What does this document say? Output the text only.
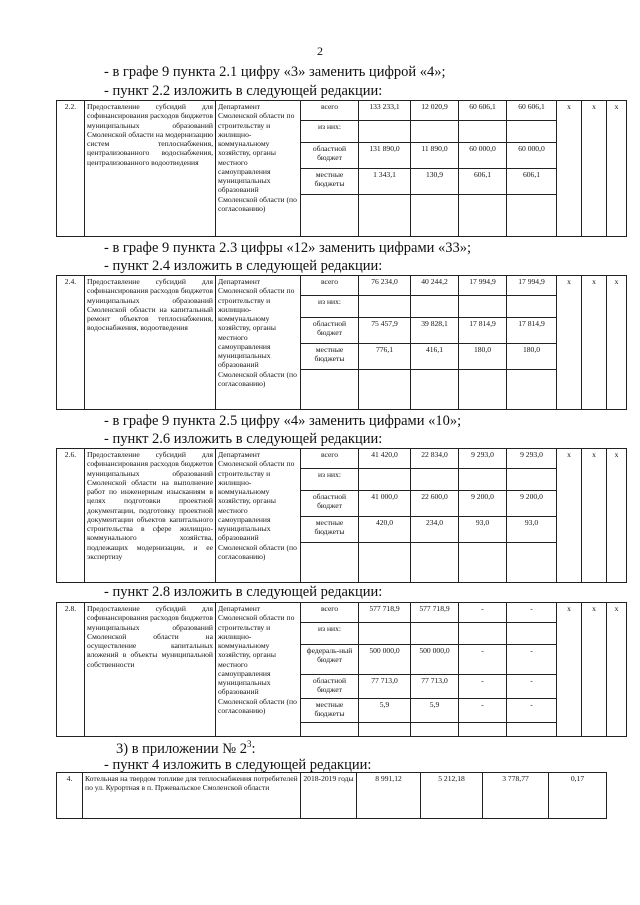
2
- в графе 9 пункта 2.1 цифру «3» заменить цифрой «4»;
- пункт 2.2 изложить в следующей редакции:
2.2.	Предоставление субсидий для софинансирования расходов бюджетов муниципальных образований Смоленской области на модернизацию систем теплоснабжения, централизованного водоснабжения, централизованного водоотведения	Департамент Смоленской области по строительству и жилищно-коммунальному хозяйству, органы местного самоуправления муниципальных образований Смоленской области (по согласованию)	всего	133 233,1	12 020,9	60 606,1	60 606,1	x	x	x
			из них:							
			областной бюджет	131 890,0	11 890,0	60 000,0	60 000,0			
			местные бюджеты	1 343,1	130,9	606,1	606,1			

- в графе 9 пункта 2.3 цифры «12» заменить цифрами «33»;
- пункт 2.4 изложить в следующей редакции:
2.4.	Предоставление субсидий для софинансирования расходов бюджетов муниципальных образований Смоленской области на капитальный ремонт объектов теплоснабжения, водоснабжения, водоотведения	Департамент Смоленской области по строительству и жилищно-коммунальному хозяйству, органы местного самоуправления муниципальных образований Смоленской области (по согласованию)	всего	76 234,0	40 244,2	17 994,9	17 994,9	x	x	x
			из них:							
			областной бюджет	75 457,9	39 828,1	17 814,9	17 814,9			
			местные бюджеты	776,1	416,1	180,0	180,0			

- в графе 9 пункта 2.5 цифру «4» заменить цифрами «10»;
- пункт 2.6 изложить в следующей редакции:
2.6.	Предоставление субсидий для софинансирования расходов бюджетов муниципальных образований Смоленской области на выполнение работ по инженерным изысканиям в целях подготовки проектной документации, подготовку проектной документации объектов капитального строительства в сфере жилищно-коммунального хозяйства, подлежащих модернизации, и ее экспертизу	Департамент Смоленской области по строительству и жилищно-коммунальному хозяйству, органы местного самоуправления муниципальных образований Смоленской области (по согласованию)	всего	41 420,0	22 834,0	9 293,0	9 293,0	x	x	x
			из них:							
			областной бюджет	41 000,0	22 600,0	9 200,0	9 200,0			
			местные бюджеты	420,0	234,0	93,0	93,0			

- пункт 2.8 изложить в следующей редакции:
2.8.	Предоставление субсидий для софинансирования расходов бюджетов муниципальных образований Смоленской области на осуществление капитальных вложений в объекты муниципальной собственности	Департамент Смоленской области по строительству и жилищно-коммунальному хозяйству, органы местного самоуправления муниципальных образований Смоленской области (по согласованию)	всего	577 718,9	577 718,9	-	-	x	x	x
			из них:							
			федераль-ный бюджет	500 000,0	500 000,0	-	-			
			областной бюджет	77 713,0	77 713,0	-	-			
			местные бюджеты	5,9	5,9	-	-			

3) в приложении № $2^3$:
- пункт 4 изложить в следующей редакции:
4.	Котельная на твердом топливе для теплоснабжения потребителей по ул. Курортная в п. Пржевальское Смоленской области	2018-2019 годы	8 991,12	5 212,18	3 778,77	0,17
